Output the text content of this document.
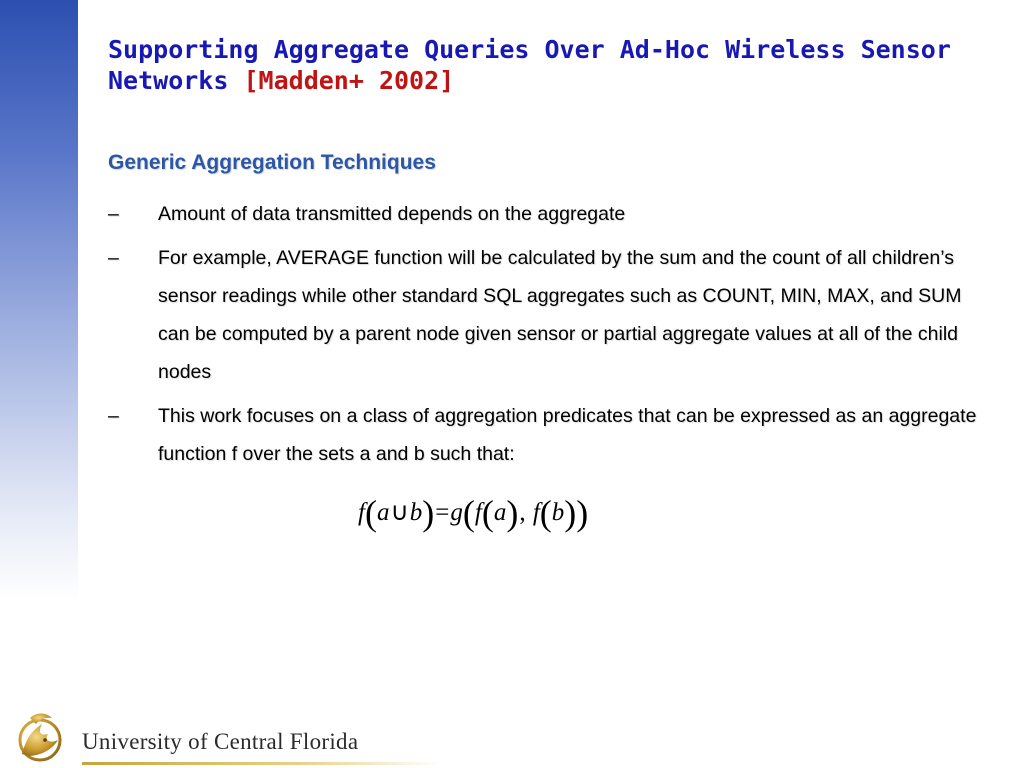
Supporting Aggregate Queries Over Ad-Hoc Wireless Sensor Networks [Madden+ 2002]
Generic Aggregation Techniques
–	Amount of data transmitted depends on the aggregate
–	For example, AVERAGE function will be calculated by the sum and the count of all children’s sensor readings while other standard SQL aggregates such as COUNT, MIN, MAX, and SUM can be computed by a parent node given sensor or partial aggregate values at all of the child nodes
–	This work focuses on a class of aggregation predicates that can be expressed as an aggregate function f over the sets a and b such that:
f(a∪b)=g(f(a), f(b))
University of Central Florida
